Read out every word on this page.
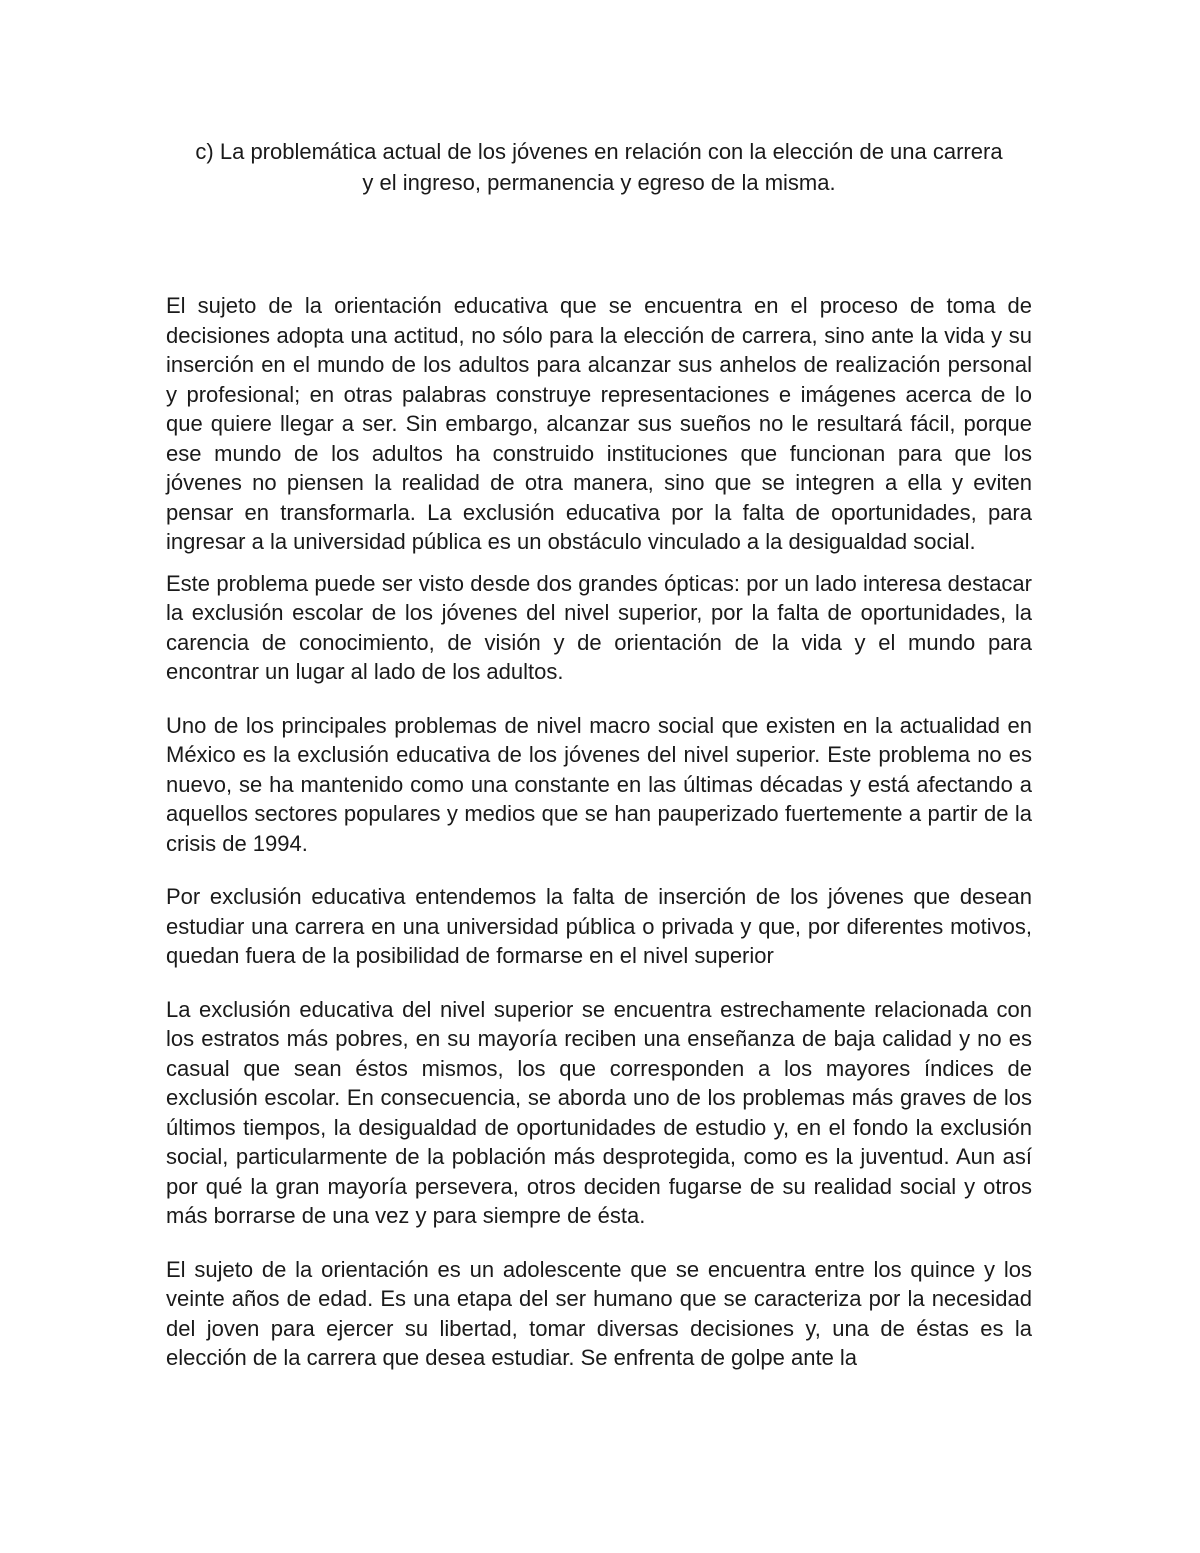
c) La problemática actual de los jóvenes en relación con la elección de una carrera
y el ingreso, permanencia y egreso de la misma.

El sujeto de la orientación educativa que se encuentra en el proceso de toma de decisiones adopta una actitud, no sólo para la elección de carrera, sino ante la vida y su inserción en el mundo de los adultos para alcanzar sus anhelos de realización personal y profesional; en otras palabras construye representaciones e imágenes acerca de lo que quiere llegar a ser. Sin embargo, alcanzar sus sueños no le resultará fácil, porque ese mundo de los adultos ha construido instituciones que funcionan para que los jóvenes no piensen la realidad de otra manera, sino que se integren a ella y eviten pensar en transformarla. La exclusión educativa por la falta de oportunidades, para ingresar a la universidad pública es un obstáculo vinculado a la desigualdad social.

Este problema puede ser visto desde dos grandes ópticas: por un lado interesa destacar la exclusión escolar de los jóvenes del nivel superior, por la falta de oportunidades, la carencia de conocimiento, de visión y de orientación de la vida y el mundo para encontrar un lugar al lado de los adultos.

Uno de los principales problemas de nivel macro social que existen en la actualidad en México es la exclusión educativa de los jóvenes del nivel superior. Este problema no es nuevo, se ha mantenido como una constante en las últimas décadas y está afectando a aquellos sectores populares y medios que se han pauperizado fuertemente a partir de la crisis de 1994.

Por exclusión educativa entendemos la falta de inserción de los jóvenes que desean estudiar una carrera en una universidad pública o privada y que, por diferentes motivos, quedan fuera de la posibilidad de formarse en el nivel superior

La exclusión educativa del nivel superior se encuentra estrechamente relacionada con los estratos más pobres, en su mayoría reciben una enseñanza de baja calidad y no es casual que sean éstos mismos, los que corresponden a los mayores índices de exclusión escolar. En consecuencia, se aborda uno de los problemas más graves de los últimos tiempos, la desigualdad de oportunidades de estudio y, en el fondo la exclusión social, particularmente de la población más desprotegida, como es la juventud. Aun así por qué la gran mayoría persevera, otros deciden fugarse de su realidad social y otros más borrarse de una vez y para siempre de ésta.

El sujeto de la orientación es un adolescente que se encuentra entre los quince y los veinte años de edad. Es una etapa del ser humano que se caracteriza por la necesidad del joven para ejercer su libertad, tomar diversas decisiones y, una de éstas es la elección de la carrera que desea estudiar. Se enfrenta de golpe ante la
